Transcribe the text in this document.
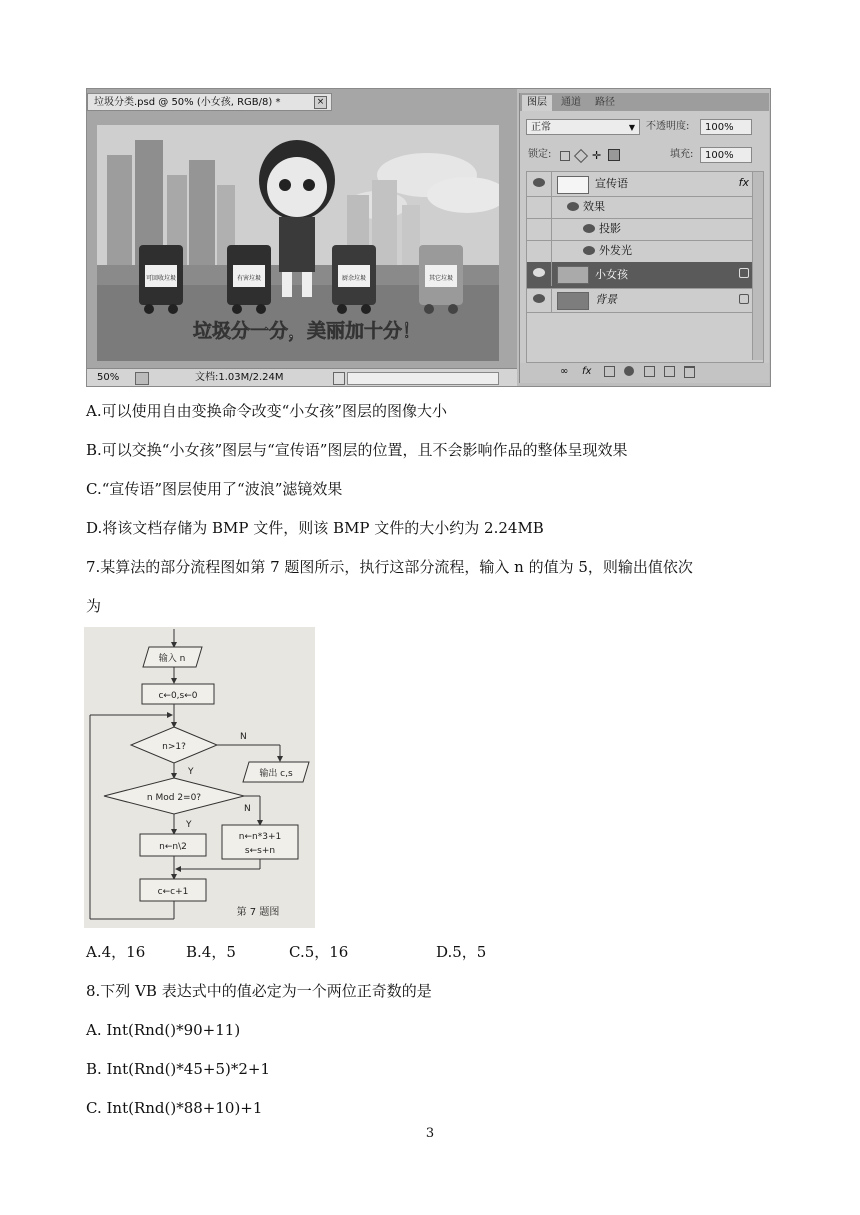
垃圾分类.psd @ 50% (小女孩, RGB/8) *	×
可回收垃圾	有害垃圾	厨余垃圾	其它垃圾
垃圾分一分，美丽加十分！
50%	文档:1.03M/2.24M
图层	通道	路径
正常	▼ 不透明度:	100%
锁定:	✛	填充:	100%
宣传语	fx
效果
投影
外发光
小女孩
背景
∞	fx
A.可以使用自由变换命令改变“小女孩”图层的图像大小
B.可以交换“小女孩”图层与“宣传语”图层的位置，且不会影响作品的整体呈现效果
C.“宣传语”图层使用了“波浪”滤镜效果
D.将该文档存储为 BMP 文件，则该 BMP 文件的大小约为 2.24MB
7.某算法的部分流程图如第 7 题图所示，执行这部分流程，输入 n 的值为 5，则输出值依次
为
输入 n
c←0,s←0
n>1?
N
Y	输出 c,s
n Mod 2=0?
N
Y
n←n\2
n←n*3+1
s←s+n
c←c+1
第 7 题图
A.4，16	B.4，5	C.5，16	D.5，5
8.下列 VB 表达式中的值必定为一个两位正奇数的是
A. Int(Rnd()*90+11)
B. Int(Rnd()*45+5)*2+1
C. Int(Rnd()*88+10)+1
3
